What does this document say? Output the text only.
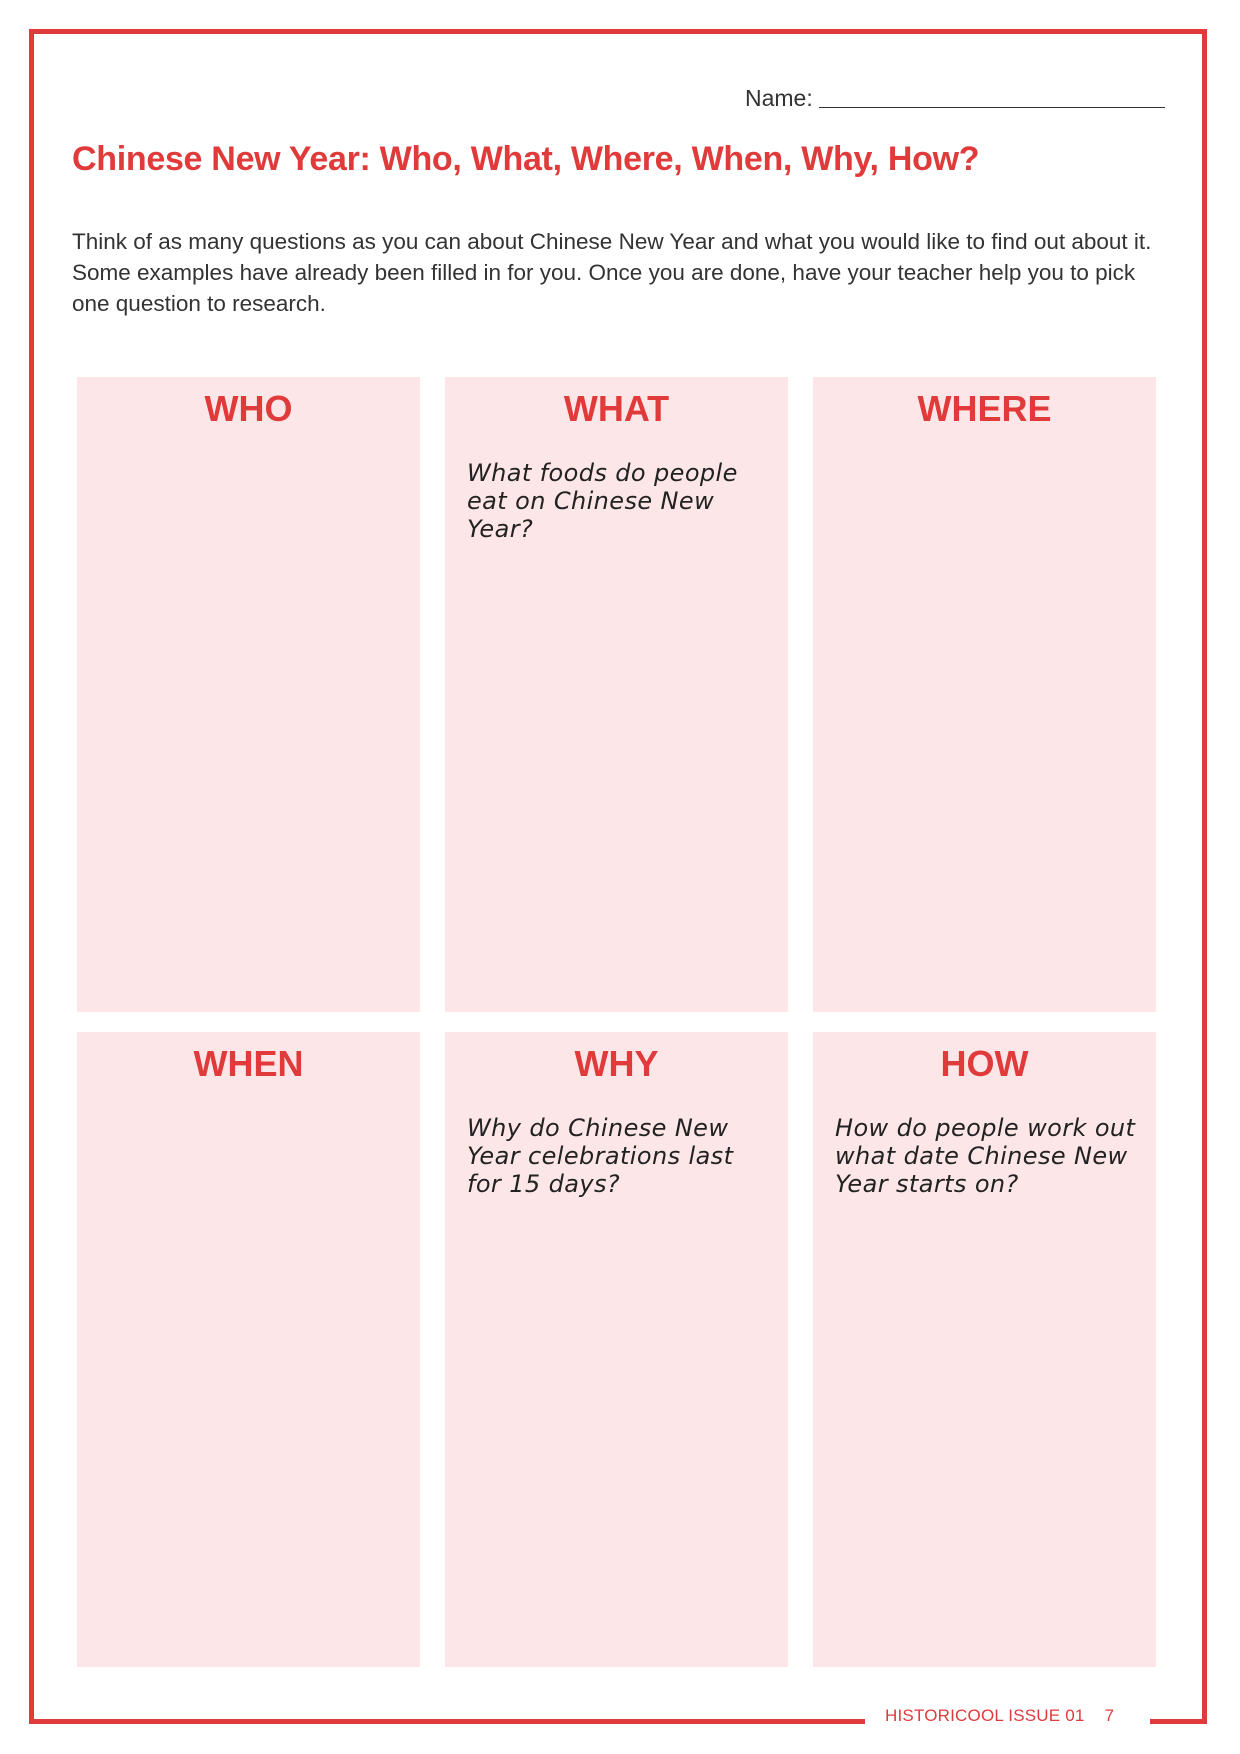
Name:
Chinese New Year: Who, What, Where, When, Why, How?

Think of as many questions as you can about Chinese New Year and what you would like to find out about it. Some examples have already been filled in for you. Once you are done, have your teacher help you to pick one question to research.

WHO	WHAT

What foods do people eat on Chinese New Year?

WHERE
WHEN	WHY

Why do Chinese New Year celebrations last for 15 days?

HOW

How do people work out what date Chinese New Year starts on?

HISTORICOOL ISSUE 01 7
